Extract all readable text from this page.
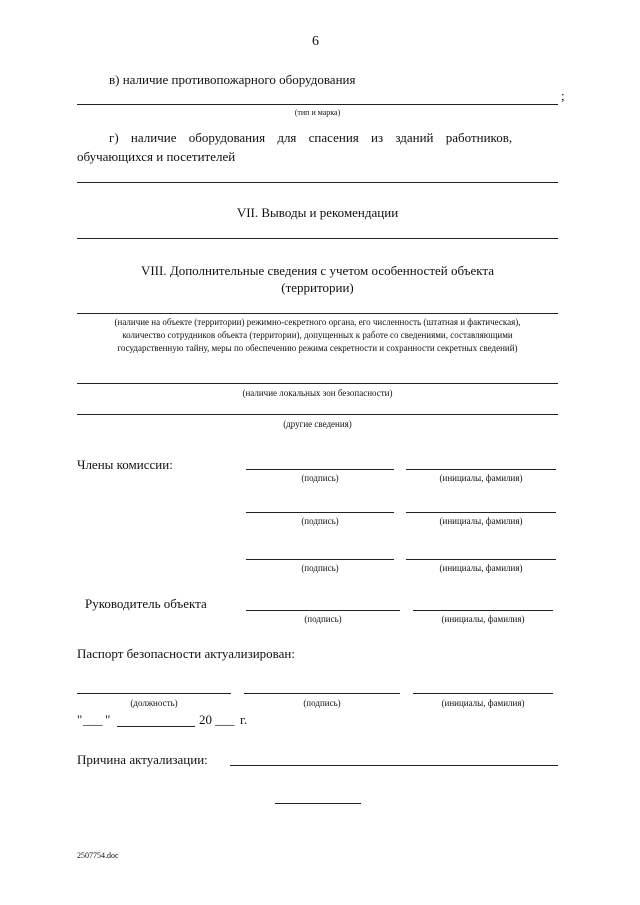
6
в) наличие противопожарного оборудования
;
(тип и марка)
г) наличие оборудования для спасения из зданий работников,
обучающихся и посетителей
VII. Выводы и рекомендации
VIII. Дополнительные сведения с учетом особенностей объекта
(территории)
(наличие на объекте (территории) режимно-секретного органа, его численность (штатная и фактическая),
количество сотрудников объекта (территории), допущенных к работе со сведениями, составляющими
государственную тайну, меры по обеспечению режима секретности и сохранности секретных сведений)
(наличие локальных зон безопасности)
(другие сведения)
Члены комиссии:
(подпись)	(инициалы, фамилия)
(подпись)	(инициалы, фамилия)
(подпись)	(инициалы, фамилия)
Руководитель объекта
(подпись)	(инициалы, фамилия)
Паспорт безопасности актуализирован:
(должность)	(подпись)	(инициалы, фамилия)
" ___ "	20 ___ г.
Причина актуализации:
2507754.doc
